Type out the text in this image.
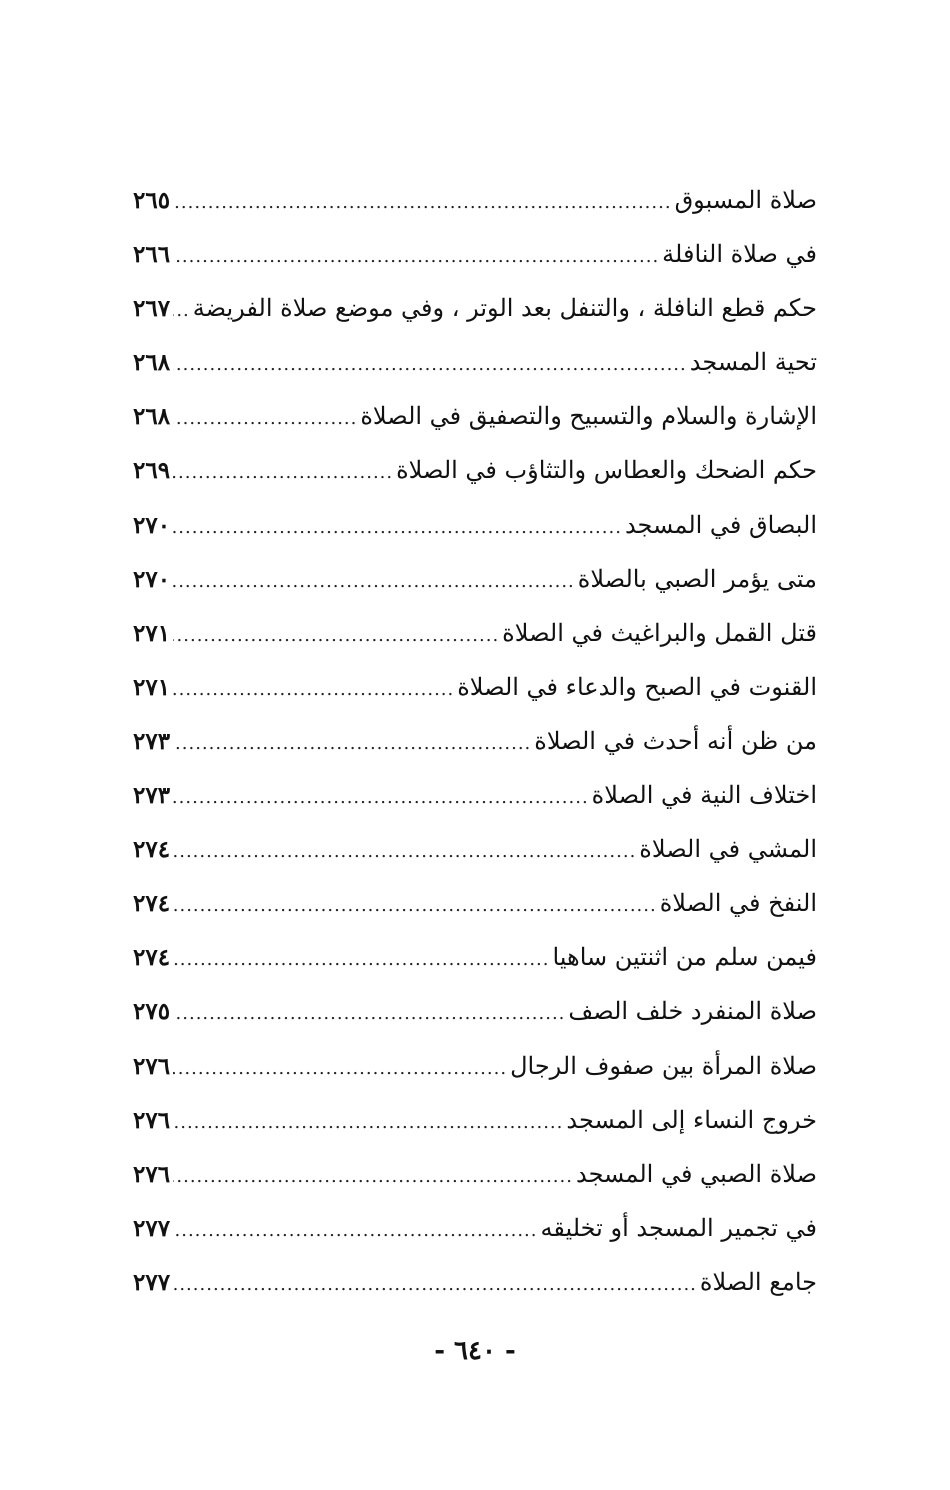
صلاة المسبوق
.....
٢٦٥
في صلاة النافلة
.....
٢٦٦
حكم قطع النافلة ، والتنفل بعد الوتر ، وفي موضع صلاة الفريضة
.....
٢٦٧
تحية المسجد
.....
٢٦٨
الإشارة والسلام والتسبيح والتصفيق في الصلاة
.....
٢٦٨
حكم الضحك والعطاس والتثاؤب في الصلاة
.....
٢٦٩
البصاق في المسجد
.....
٢٧٠
متى يؤمر الصبي بالصلاة
.....
٢٧٠
قتل القمل والبراغيث في الصلاة
.....
٢٧١
القنوت في الصبح والدعاء في الصلاة
.....
٢٧١
من ظن أنه أحدث في الصلاة
.....
٢٧٣
اختلاف النية في الصلاة
.....
٢٧٣
المشي في الصلاة
.....
٢٧٤
النفخ في الصلاة
.....
٢٧٤
فيمن سلم من اثنتين ساهيا
.....
٢٧٤
صلاة المنفرد خلف الصف
.....
٢٧٥
صلاة المرأة بين صفوف الرجال
.....
٢٧٦
خروج النساء إلى المسجد
.....
٢٧٦
صلاة الصبي في المسجد
.....
٢٧٦
في تجمير المسجد أو تخليقه
.....
٢٧٧
جامع الصلاة
.....
٢٧٧
- ٦٤٠ -
